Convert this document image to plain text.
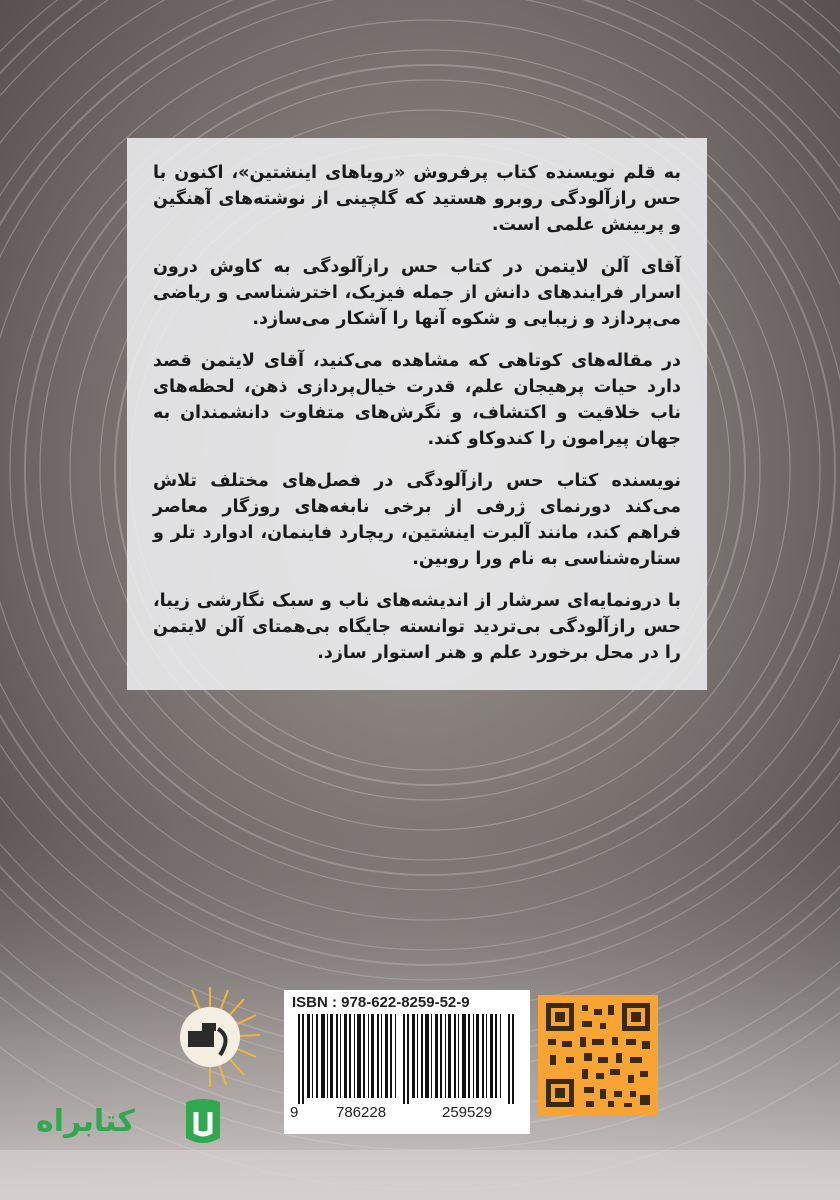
به قلم نویسنده کتاب پرفروش «رویاهای اینشتین»، اکنون با حس رازآلودگی روبرو هستید که گلچینی از نوشته‌های آهنگین و پربینش علمی است.

آقای آلن لایتمن در کتاب حس رازآلودگی به کاوش درون اسرار فرایندهای دانش از جمله فیزیک، اخترشناسی و ریاضی می‌پردازد و زیبایی و شکوه آنها را آشکار می‌سازد.

در مقاله‌های کوتاهی که مشاهده می‌کنید، آقای لایتمن قصد دارد حیات پرهیجان علم، قدرت خیال‌پردازی ذهن، لحظه‌های ناب خلاقیت و اکتشاف، و نگرش‌های متفاوت دانشمندان به جهان پیرامون را کندوکاو کند.

نویسنده کتاب حس رازآلودگی در فصل‌های مختلف تلاش می‌کند دورنمای ژرفی از برخی نابغه‌های روزگار معاصر فراهم کند، مانند آلبرت اینشتین، ریچارد فاینمان، ادوارد تلر و ستاره‌شناسی به نام ورا روبین.

با درونمایه‌ای سرشار از اندیشه‌های ناب و سبک نگارشی زیبا، حس رازآلودگی بی‌تردید توانسته جایگاه بی‌همتای آلن لایتمن را در محل برخورد علم و هنر استوار سازد.

ISBN : 978-622-8259-52-9
9	786228	259529
کتابراه
